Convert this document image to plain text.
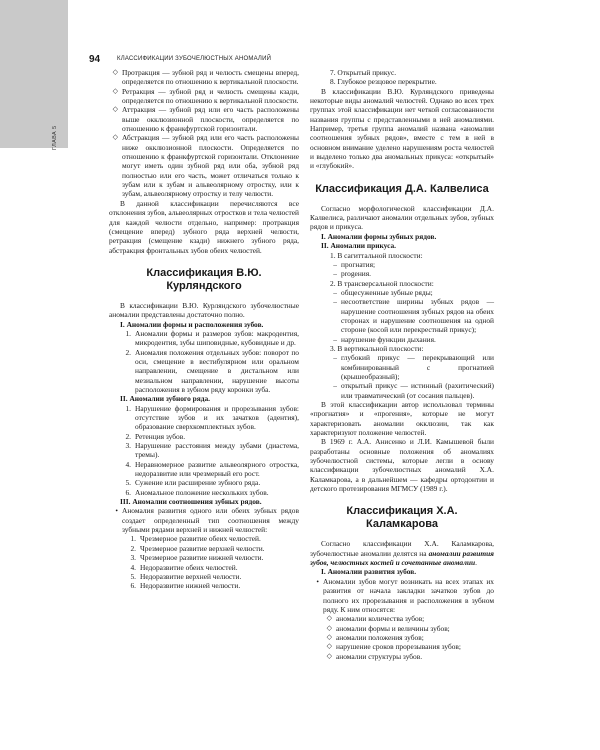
ГЛАВА 5
94	КЛАССИФИКАЦИИ ЗУБОЧЕЛЮСТНЫХ АНОМАЛИЙ
◇ Протракция — зубной ряд и челюсть смещены вперед, определяется по отношению к вертикальной плоскости.
◇ Ретракция — зубной ряд и челюсть смещены кзади, определяется по отношению к вертикальной плоскости.
◇ Аттракция — зубной ряд или его часть расположены выше окклюзионной плоскости, определяется по отношению к франкфуртской горизонтали.
◇ Абстракция — зубной ряд или его часть расположены ниже окклюзионной плоскости. Определяется по отношению к франкфуртской горизонтали. Отклонение могут иметь один зубной ряд или оба, зубной ряд полностью или его часть, может отличаться только к зубам или к зубам и альвеолярному отростку, или к зубам, альвеолярному отростку и телу челюсти.

В данной классификации перечисляются все отклонения зубов, альвеолярных отростков и тела челюстей для каждой челюсти отдельно, например: протракция (смещение вперед) зубного ряда верхней челюсти, ретракция (смещение кзади) нижнего зубного ряда, абстракция фронтальных зубов обеих челюстей.

Классификация В.Ю. Курляндского

В классификации В.Ю. Курляндского зубочелюстные аномалии представлены достаточно полно.

I. Аномалии формы и расположения зубов.

1. Аномалии формы и размеров зубов: макродентия, микродентия, зубы шиповидные, кубовидные и др.
2. Аномалия положения отдельных зубов: поворот по оси, смещение в вестибулярном или оральном направлении, смещение в дистальном или мезиальном направлении, нарушение высоты расположения в зубном ряду коронки зуба.

II. Аномалии зубного ряда.

1. Нарушение формирования и прорезывания зубов: отсутствие зубов и их зачатков (адентия), образование сверхкомплектных зубов.
2. Ретенция зубов.
3. Нарушение расстояния между зубами (диастема, тремы).
4. Неравномерное развитие альвеолярного отростка, недоразвитие или чрезмерный его рост.
5. Сужение или расширение зубного ряда.
6. Аномальное положение нескольких зубов.

III. Аномалии соотношения зубных рядов.

• Аномалия развития одного или обеих зубных рядов создает определенный тип соотношения между зубными рядами верхней и нижней челюстей:
1. Чрезмерное развитие обеих челюстей.
2. Чрезмерное развитие верхней челюсти.
3. Чрезмерное развитие нижней челюсти.
4. Недоразвитие обеих челюстей.
5. Недоразвитие верхней челюсти.
6. Недоразвитие нижней челюсти.
7. Открытый прикус.
8. Глубокое резцовое перекрытие.

В классификации В.Ю. Курляндского приведены некоторые виды аномалий челюстей. Однако во всех трех группах этой классификации нет четкой согласованности названия группы с представленными в ней аномалиями. Например, третья группа аномалий названа «аномалии соотношения зубных рядов», вместе с тем в ней в основном внимание уделено нарушениям роста челюстей и выделено только два аномальных прикуса: «открытый» и «глубокий».

Классификация Д.А. Калвелиса

Согласно морфологической классификации Д.А. Калвелиса, различают аномалии отдельных зубов, зубных рядов и прикуса.

I. Аномалии формы зубных рядов.

II. Аномалии прикуса.

1. В сагиттальной плоскости:
– прогнатия;
– progения.
2. В трансверсальной плоскости:
– общесуженные зубные ряды;
– несоответствие ширины зубных рядов — нарушение соотношения зубных рядов на обеих сторонах и нарушение соотношения на одной стороне (косой или перекрестный прикус);
– нарушение функции дыхания.
3. В вертикальной плоскости:
– глубокий прикус — перекрывающий или комбинированный с прогнатией (крышеобразный);
– открытый прикус — истинный (рахитический) или травматический (от сосания пальцев).

В этой классификации автор использовал термины «прогнатия» и «прогения», которые не могут характеризовать аномалии окклюзии, так как характеризуют положение челюстей.

В 1969 г. А.А. Анисенко и Л.И. Камышевой были разработаны основные положения об аномалиях зубочелюстной системы, которые легли в основу классификации зубочелюстных аномалий Х.А. Каламкарова, а в дальнейшем — кафедры ортодонтии и детского протезирования МГМСУ (1989 г.).

Классификация Х.А. Каламкарова

Согласно классификации Х.А. Каламкарова, зубочелюстные аномалии делятся на аномалии развития зубов, челюстных костей и сочетанные аномалии.

I. Аномалии развития зубов.

• Аномалии зубов могут возникать на всех этапах их развития от начала закладки зачатков зубов до полного их прорезывания и расположения в зубном ряду. К ним относятся:
◇ аномалии количества зубов;
◇ аномалии формы и величины зубов;
◇ аномалии положения зубов;
◇ нарушение сроков прорезывания зубов;
◇ аномалии структуры зубов.
